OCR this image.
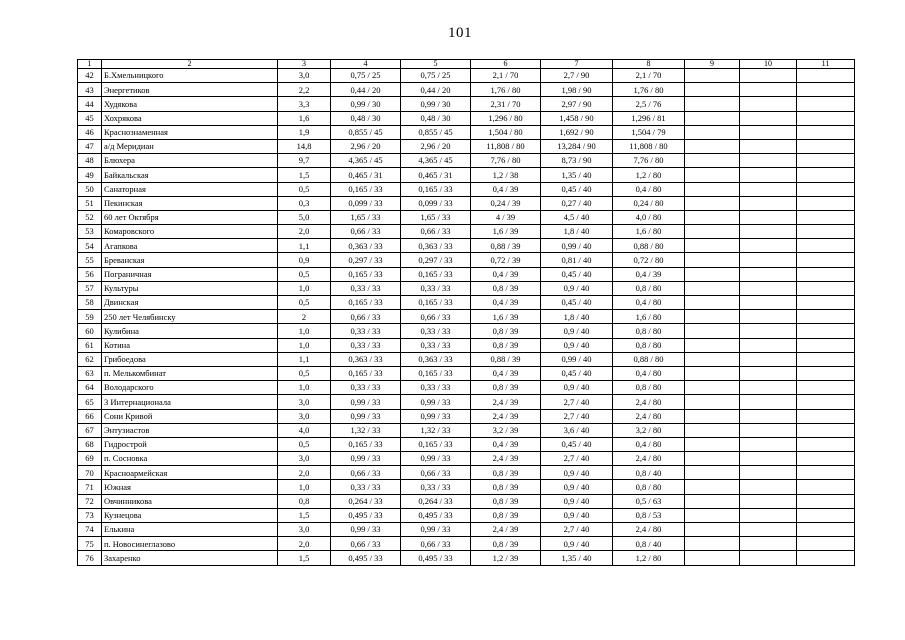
101
1	2	3	4	5	6	7	8	9	10	11
42	Б.Хмельницкого	3,0	0,75 / 25	0,75 / 25	2,1 / 70	2,7 / 90	2,1 / 70			
43	Энергетиков	2,2	0,44 / 20	0,44 / 20	1,76 / 80	1,98 / 90	1,76 / 80			
44	Худякова	3,3	0,99 / 30	0,99 / 30	2,31 / 70	2,97 / 90	2,5 / 76			
45	Хохрякова	1,6	0,48 / 30	0,48 / 30	1,296 / 80	1,458 / 90	1,296 / 81			
46	Краснознаменная	1,9	0,855 / 45	0,855 / 45	1,504 / 80	1,692 / 90	1,504 / 79			
47	а/д Меридиан	14,8	2,96 / 20	2,96 / 20	11,808 / 80	13,284 / 90	11,808 / 80			
48	Блюхера	9,7	4,365 / 45	4,365 / 45	7,76 / 80	8,73 / 90	7,76 / 80			
49	Байкальская	1,5	0,465 / 31	0,465 / 31	1,2 / 38	1,35 / 40	1,2 / 80			
50	Санаторная	0,5	0,165 / 33	0,165 / 33	0,4 / 39	0,45 / 40	0,4 / 80			
51	Пекинская	0,3	0,099 / 33	0,099 / 33	0,24 / 39	0,27 / 40	0,24 / 80			
52	60 лет Октября	5,0	1,65 / 33	1,65 / 33	4 / 39	4,5 / 40	4,0 / 80			
53	Комаровского	2,0	0,66 / 33	0,66 / 33	1,6 / 39	1,8 / 40	1,6 / 80			
54	Агапкова	1,1	0,363 / 33	0,363 / 33	0,88 / 39	0,99 / 40	0,88 / 80			
55	Бреванская	0,9	0,297 / 33	0,297 / 33	0,72 / 39	0,81 / 40	0,72 / 80			
56	Пограничная	0,5	0,165 / 33	0,165 / 33	0,4 / 39	0,45 / 40	0,4 / 39			
57	Культуры	1,0	0,33 / 33	0,33 / 33	0,8 / 39	0,9 / 40	0,8 / 80			
58	Двинская	0,5	0,165 / 33	0,165 / 33	0,4 / 39	0,45 / 40	0,4 / 80			
59	250 лет Челябинску	2	0,66 / 33	0,66 / 33	1,6 / 39	1,8 / 40	1,6 / 80			
60	Кулибина	1,0	0,33 / 33	0,33 / 33	0,8 / 39	0,9 / 40	0,8 / 80			
61	Котина	1,0	0,33 / 33	0,33 / 33	0,8 / 39	0,9 / 40	0,8 / 80			
62	Грибоедова	1,1	0,363 / 33	0,363 / 33	0,88 / 39	0,99 / 40	0,88 / 80			
63	п. Мелькомбинат	0,5	0,165 / 33	0,165 / 33	0,4 / 39	0,45 / 40	0,4 / 80			
64	Володарского	1,0	0,33 / 33	0,33 / 33	0,8 / 39	0,9 / 40	0,8 / 80			
65	3 Интернационала	3,0	0,99 / 33	0,99 / 33	2,4 / 39	2,7 / 40	2,4 / 80			
66	Сони Кривой	3,0	0,99 / 33	0,99 / 33	2,4 / 39	2,7 / 40	2,4 / 80			
67	Энтузиастов	4,0	1,32 / 33	1,32 / 33	3,2 / 39	3,6 / 40	3,2 / 80			
68	Гидрострой	0,5	0,165 / 33	0,165 / 33	0,4 / 39	0,45 / 40	0,4 / 80			
69	п. Сосновка	3,0	0,99 / 33	0,99 / 33	2,4 / 39	2,7 / 40	2,4 / 80			
70	Красноармейская	2,0	0,66 / 33	0,66 / 33	0,8 / 39	0,9 / 40	0,8 / 40			
71	Южная	1,0	0,33 / 33	0,33 / 33	0,8 / 39	0,9 / 40	0,8 / 80			
72	Овчинникова	0,8	0,264 / 33	0,264 / 33	0,8 / 39	0,9 / 40	0,5 / 63			
73	Кузнецова	1,5	0,495 / 33	0,495 / 33	0,8 / 39	0,9 / 40	0,8 / 53			
74	Елькина	3,0	0,99 / 33	0,99 / 33	2,4 / 39	2,7 / 40	2,4 / 80			
75	п. Новосинеглазово	2,0	0,66 / 33	0,66 / 33	0,8 / 39	0,9 / 40	0,8 / 40			
76	Захаренко	1,5	0,495 / 33	0,495 / 33	1,2 / 39	1,35 / 40	1,2 / 80			
